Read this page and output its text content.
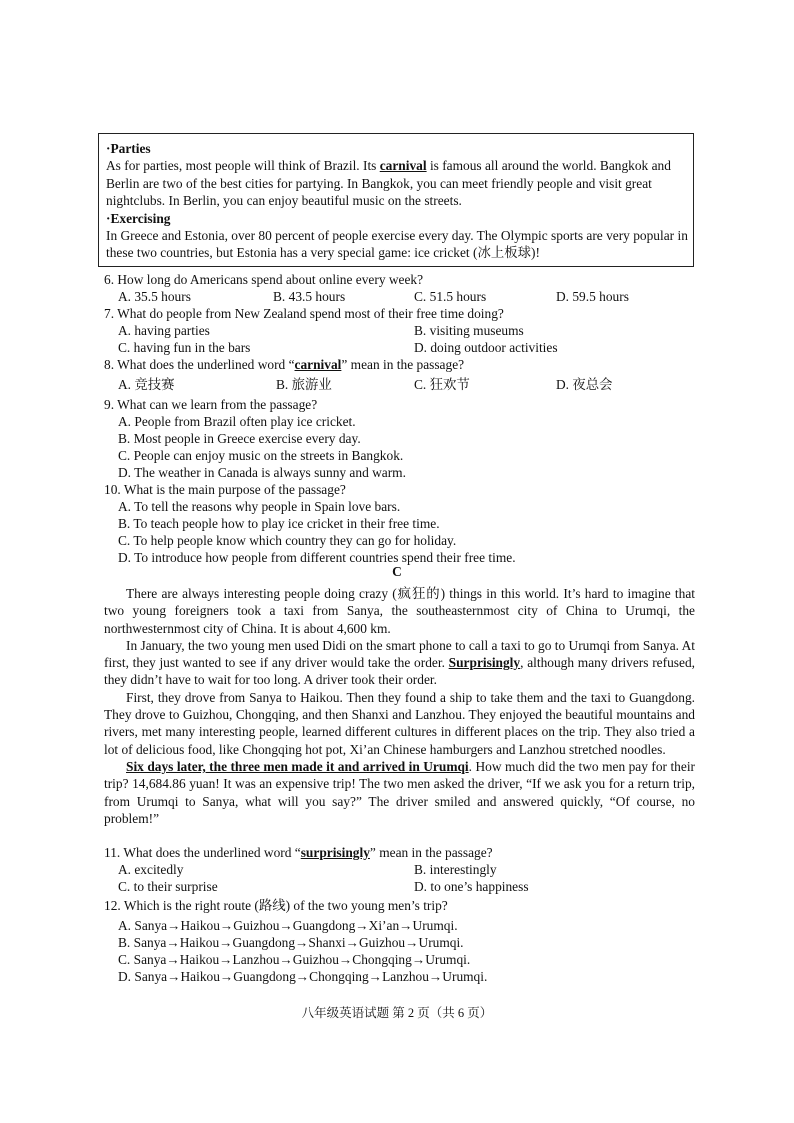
·Parties

As for parties, most people will think of Brazil. Its carnival is famous all around the world. Bangkok and Berlin are two of the best cities for partying. In Bangkok, you can meet friendly people and visit great nightclubs. In Berlin, you can enjoy beautiful music on the streets.

·Exercising

In Greece and Estonia, over 80 percent of people exercise every day. The Olympic sports are very popular in these two countries, but Estonia has a very special game: ice cricket (冰上板球)!

6. How long do Americans spend about online every week?
A. 35.5 hours	B. 43.5 hours	C. 51.5 hours	D. 59.5 hours
7. What do people from New Zealand spend most of their free time doing?
A. having parties	B. visiting museums
C. having fun in the bars	D. doing outdoor activities
8. What does the underlined word “carnival” mean in the passage?
A. 竞技赛	B. 旅游业	C. 狂欢节	D. 夜总会
9. What can we learn from the passage?
A. People from Brazil often play ice cricket.
B. Most people in Greece exercise every day.
C. People can enjoy music on the streets in Bangkok.
D. The weather in Canada is always sunny and warm.
10. What is the main purpose of the passage?
A. To tell the reasons why people in Spain love bars.
B. To teach people how to play ice cricket in their free time.
C. To help people know which country they can go for holiday.
D. To introduce how people from different countries spend their free time.
C

There are always interesting people doing crazy (疯狂的) things in this world. It’s hard to imagine that two young foreigners took a taxi from Sanya, the southeasternmost city of China to Urumqi, the northwesternmost city of China. It is about 4,600 km.

In January, the two young men used Didi on the smart phone to call a taxi to go to Urumqi from Sanya. At first, they just wanted to see if any driver would take the order. Surprisingly, although many drivers refused, they didn’t have to wait for too long. A driver took their order.

First, they drove from Sanya to Haikou. Then they found a ship to take them and the taxi to Guangdong. They drove to Guizhou, Chongqing, and then Shanxi and Lanzhou. They enjoyed the beautiful mountains and rivers, met many interesting people, learned different cultures in different places on the trip. They also tried a lot of delicious food, like Chongqing hot pot, Xi’an Chinese hamburgers and Lanzhou stretched noodles.

Six days later, the three men made it and arrived in Urumqi. How much did the two men pay for their trip? 14,684.86 yuan! It was an expensive trip! The two men asked the driver, “If we ask you for a return trip, from Urumqi to Sanya, what will you say?” The driver smiled and answered quickly, “Of course, no problem!”

11. What does the underlined word “surprisingly” mean in the passage?
A. excitedly	B. interestingly
C. to their surprise	D. to one’s happiness
12. Which is the right route (路线) of the two young men’s trip?
A. Sanya→Haikou→Guizhou→Guangdong→Xi’an→Urumqi.
B. Sanya→Haikou→Guangdong→Shanxi→Guizhou→Urumqi.
C. Sanya→Haikou→Lanzhou→Guizhou→Chongqing→Urumqi.
D. Sanya→Haikou→Guangdong→Chongqing→Lanzhou→Urumqi.
八年级英语试题 第 2 页（共 6 页）
